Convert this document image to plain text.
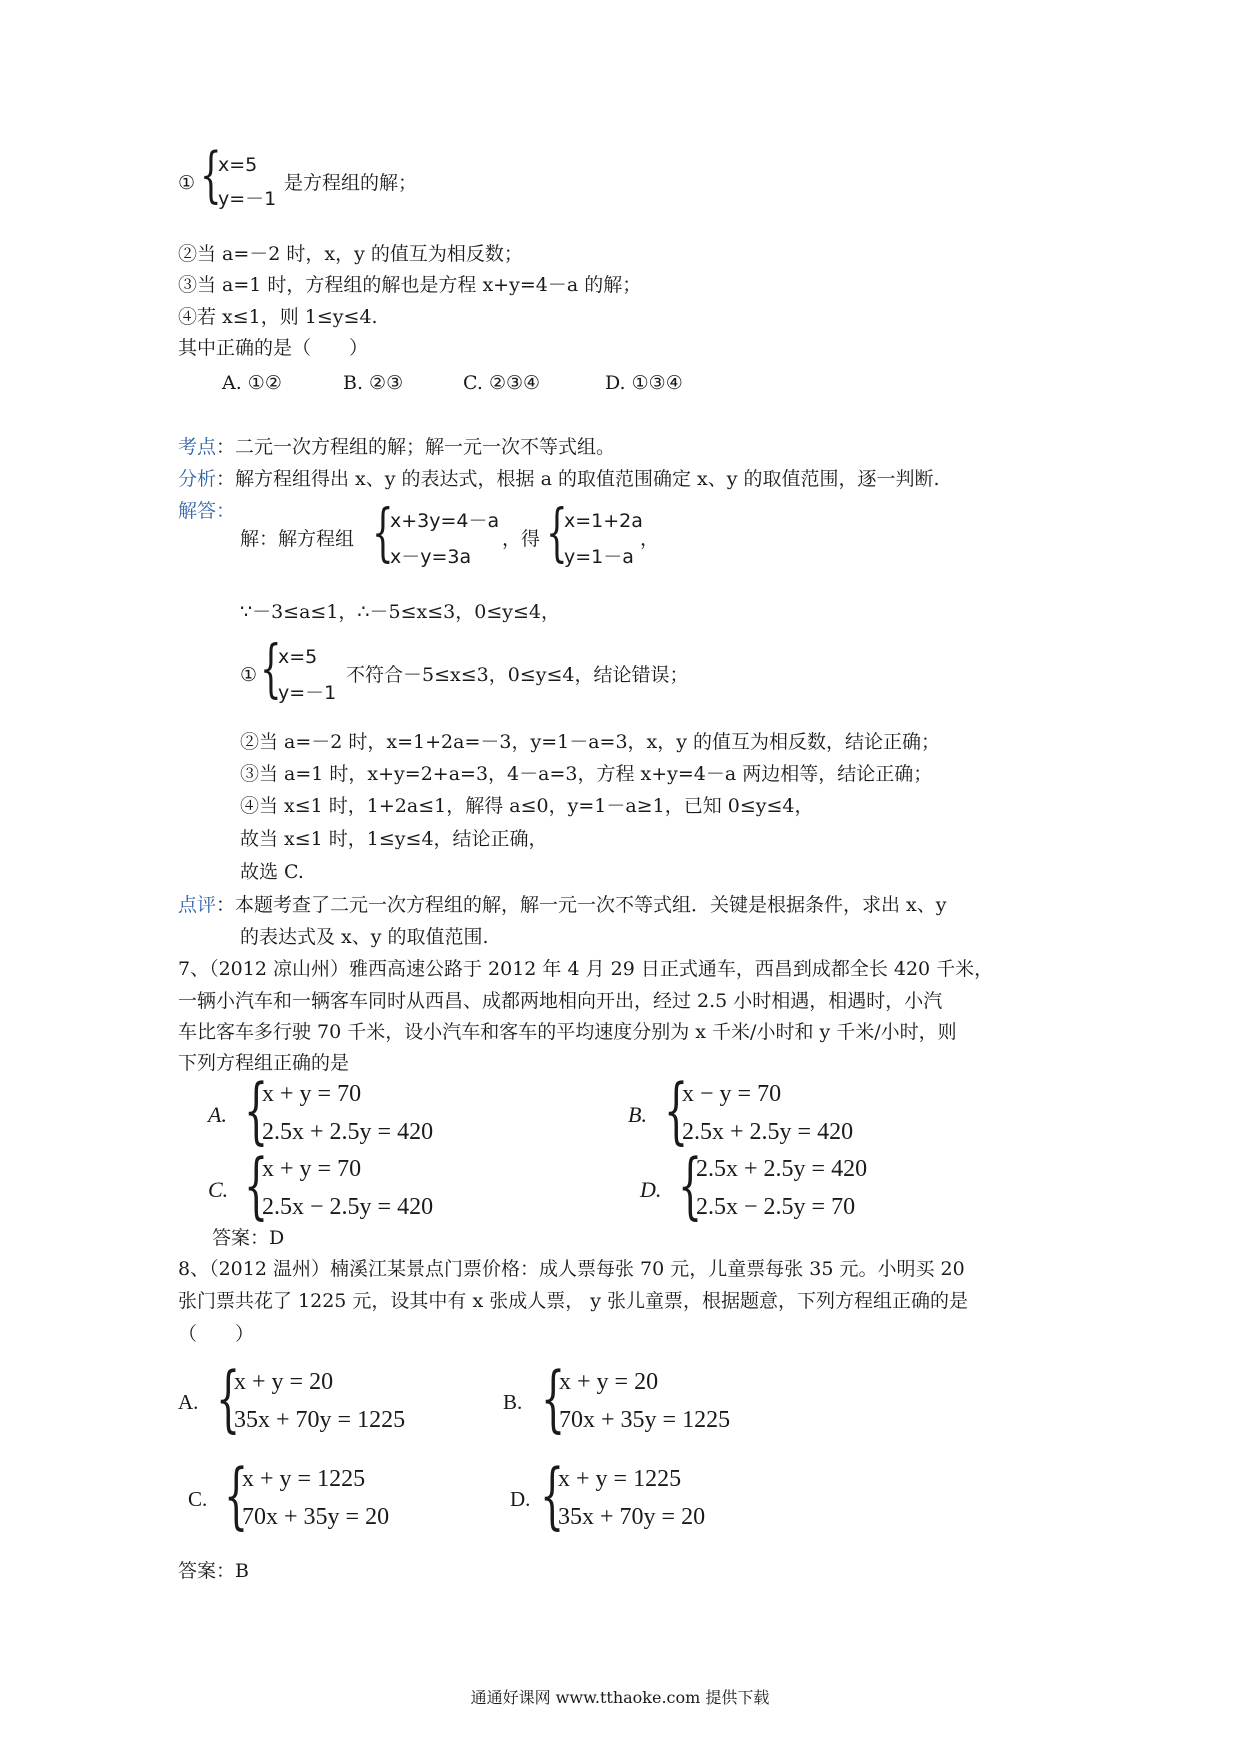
① {
x=5
y=－1
是方程组的解；
②当 a=－2 时，x，y 的值互为相反数；
③当 a=1 时，方程组的解也是方程 x+y=4－a 的解；
④若 x≤1，则 1≤y≤4.
其中正确的是（　　）
A. ①②	B. ②③	C. ②③④	D. ①③④
考点：二元一次方程组的解；解一元一次不等式组。
分析：解方程组得出 x、y 的表达式，根据 a 的取值范围确定 x、y 的取值范围，逐一判断.
解答：
解：解方程组 {
x+3y=4－a
x－y=3a
，得 {
x=1+2a
y=1－a
，
∵－3≤a≤1，∴－5≤x≤3，0≤y≤4，
① {
x=5
y=－1
不符合－5≤x≤3，0≤y≤4，结论错误；
②当 a=－2 时，x=1+2a=－3，y=1－a=3，x，y 的值互为相反数，结论正确；
③当 a=1 时，x+y=2+a=3，4－a=3，方程 x+y=4－a 两边相等，结论正确；
④当 x≤1 时，1+2a≤1，解得 a≤0，y=1－a≥1，已知 0≤y≤4，
故当 x≤1 时，1≤y≤4，结论正确，
故选 C.
点评：本题考查了二元一次方程组的解，解一元一次不等式组．关键是根据条件，求出 x、y
的表达式及 x、y 的取值范围.
7、（2012 凉山州）雅西高速公路于 2012 年 4 月 29 日正式通车，西昌到成都全长 420 千米，
一辆小汽车和一辆客车同时从西昌、成都两地相向开出，经过 2.5 小时相遇，相遇时，小汽
车比客车多行驶 70 千米，设小汽车和客车的平均速度分别为 x 千米/小时和 y 千米/小时，则
下列方程组正确的是
A. {
x + y = 70
2.5x + 2.5y = 420
B. {
x − y = 70
2.5x + 2.5y = 420
C. {
x + y = 70
2.5x − 2.5y = 420
D. {
2.5x + 2.5y = 420
2.5x − 2.5y = 70
答案：D
8、（2012 温州）楠溪江某景点门票价格：成人票每张 70 元，儿童票每张 35 元。小明买 20
张门票共花了 1225 元，设其中有 x 张成人票， y 张儿童票，根据题意，下列方程组正确的是
（　　）
A. {
x + y = 20
35x + 70y = 1225
B. {
x + y = 20
70x + 35y = 1225
C. {
x + y = 1225
70x + 35y = 20
D. {
x + y = 1225
35x + 70y = 20
答案：B
通通好课网 www.tthaoke.com 提供下载
